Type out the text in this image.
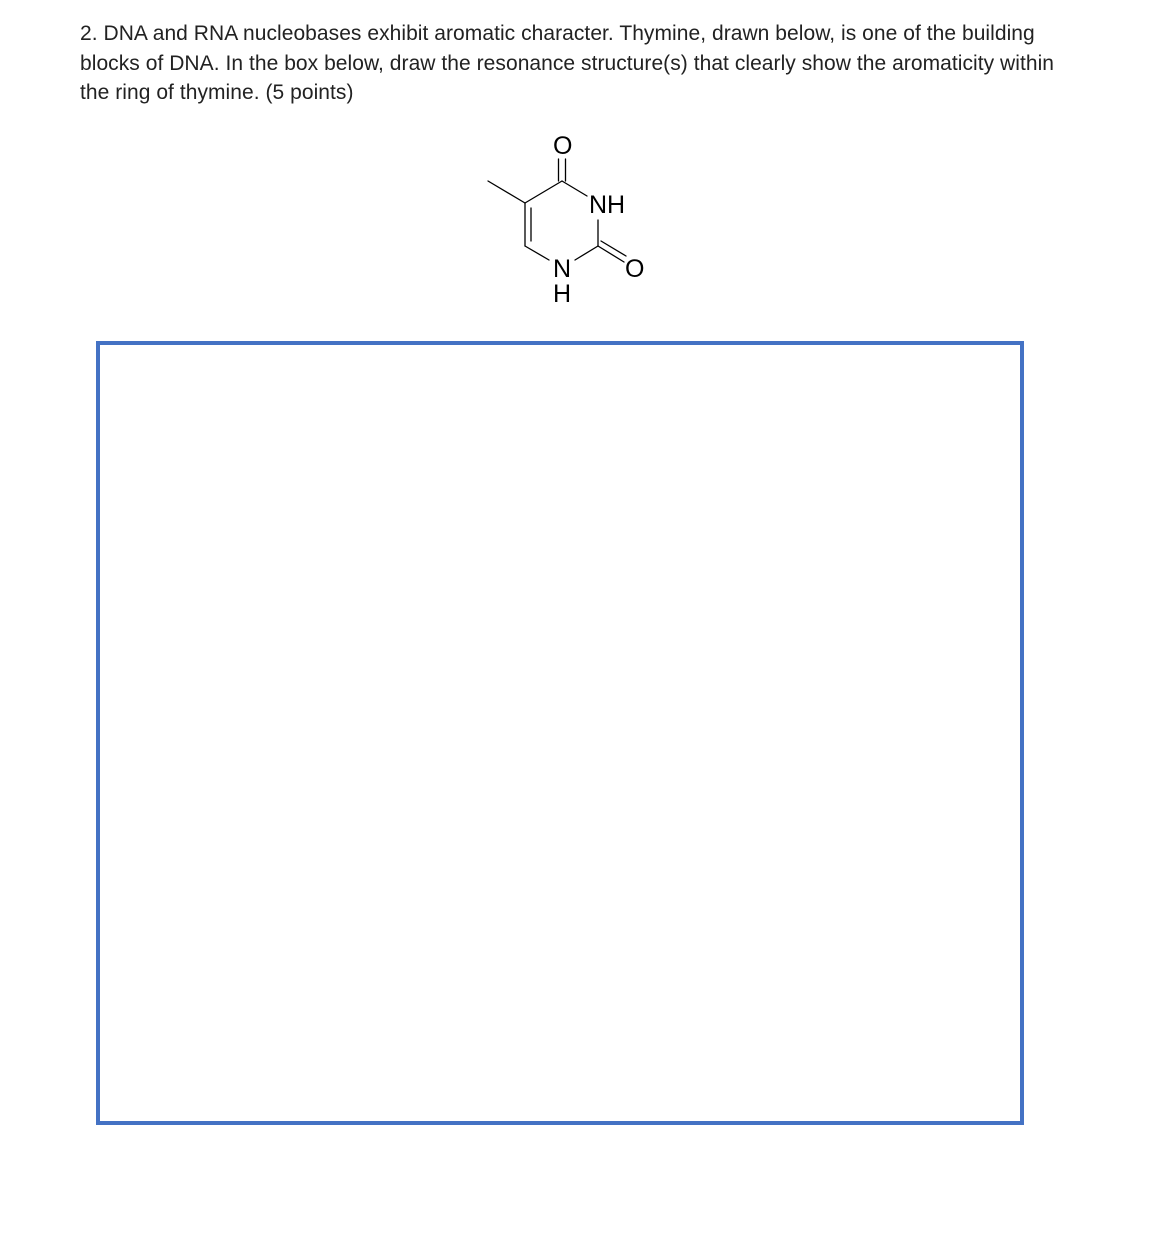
2. DNA and RNA nucleobases exhibit aromatic character. Thymine, drawn below, is one of the building blocks of DNA. In the box below, draw the resonance structure(s) that clearly show the aromaticity within the ring of thymine. (5 points)

O
NH
O
N
H
